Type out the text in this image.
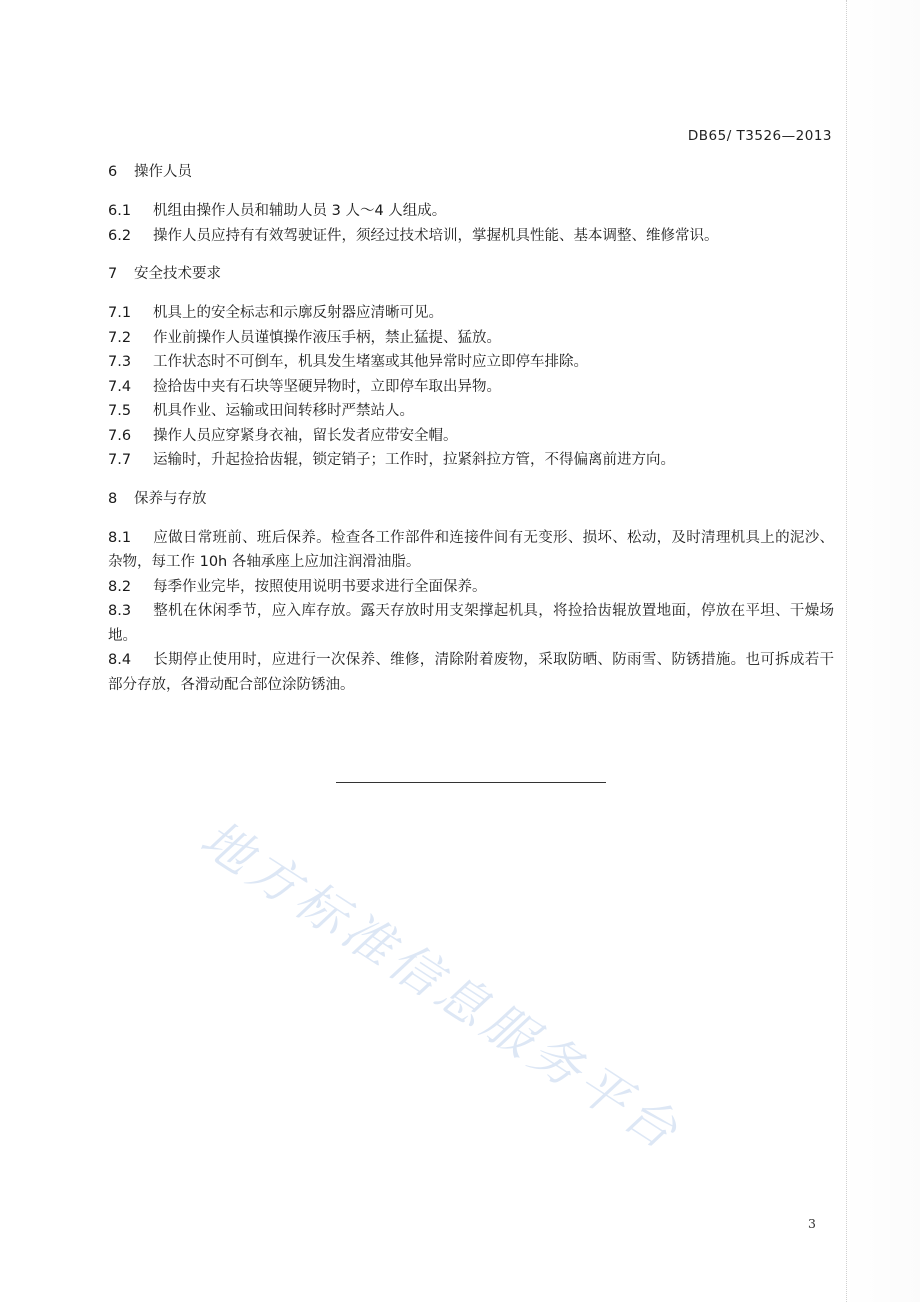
DB65/ T3526—2013
6	操作人员
6.1 机组由操作人员和辅助人员 3 人～4 人组成。
6.2 操作人员应持有有效驾驶证件，须经过技术培训，掌握机具性能、基本调整、维修常识。
7	安全技术要求
7.1 机具上的安全标志和示廓反射器应清晰可见。
7.2 作业前操作人员谨慎操作液压手柄，禁止猛提、猛放。
7.3 工作状态时不可倒车，机具发生堵塞或其他异常时应立即停车排除。
7.4 捡拾齿中夹有石块等坚硬异物时，立即停车取出异物。
7.5 机具作业、运输或田间转移时严禁站人。
7.6 操作人员应穿紧身衣袖，留长发者应带安全帽。
7.7 运输时，升起捡拾齿辊，锁定销子；工作时，拉紧斜拉方管，不得偏离前进方向。
8	保养与存放
8.1 应做日常班前、班后保养。检查各工作部件和连接件间有无变形、损坏、松动，及时清理机具上的泥沙、杂物，每工作 10h 各轴承座上应加注润滑油脂。
8.2 每季作业完毕，按照使用说明书要求进行全面保养。
8.3 整机在休闲季节，应入库存放。露天存放时用支架撑起机具，将捡拾齿辊放置地面，停放在平坦、干燥场地。
8.4 长期停止使用时，应进行一次保养、维修，清除附着废物，采取防晒、防雨雪、防锈措施。也可拆成若干部分存放，各滑动配合部位涂防锈油。
地方标准信息服务平台
3
